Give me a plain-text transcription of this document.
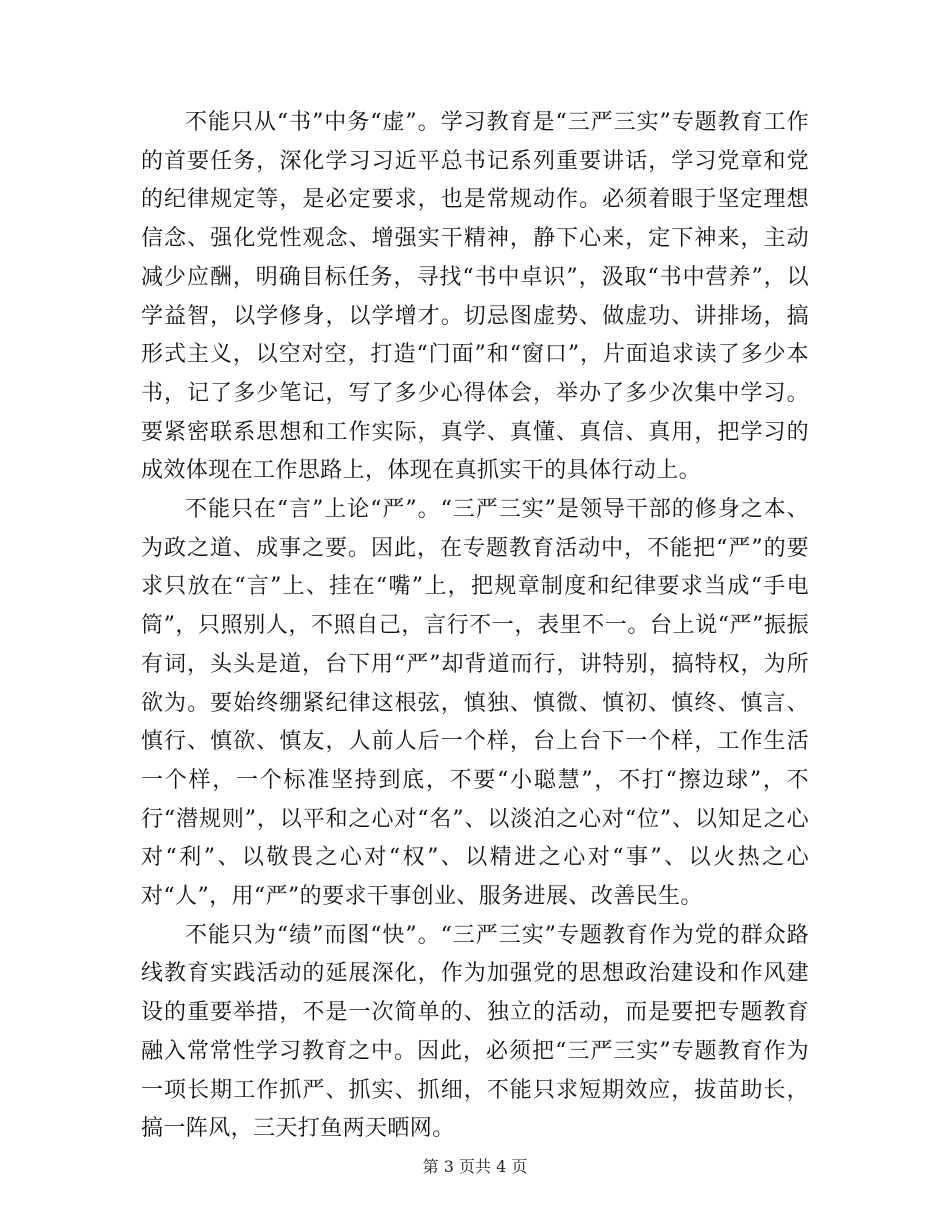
不能只从“书”中务“虚”。学习教育是“三严三实”专题教育工作的首要任务，深化学习习近平总书记系列重要讲话，学习党章和党的纪律规定等，是必定要求，也是常规动作。必须着眼于坚定理想信念、强化党性观念、增强实干精神，静下心来，定下神来，主动减少应酬，明确目标任务，寻找“书中卓识”，汲取“书中营养”，以学益智，以学修身，以学增才。切忌图虚势、做虚功、讲排场，搞形式主义，以空对空，打造“门面”和“窗口”，片面追求读了多少本书，记了多少笔记，写了多少心得体会，举办了多少次集中学习。要紧密联系思想和工作实际，真学、真懂、真信、真用，把学习的成效体现在工作思路上，体现在真抓实干的具体行动上。

不能只在“言”上论“严”。“三严三实”是领导干部的修身之本、为政之道、成事之要。因此，在专题教育活动中，不能把“严”的要求只放在“言”上、挂在“嘴”上，把规章制度和纪律要求当成“手电筒”，只照别人，不照自己，言行不一，表里不一。台上说“严”振振有词，头头是道，台下用“严”却背道而行，讲特别，搞特权，为所欲为。要始终绷紧纪律这根弦，慎独、慎微、慎初、慎终、慎言、慎行、慎欲、慎友，人前人后一个样，台上台下一个样，工作生活一个样，一个标准坚持到底，不要“小聪慧”，不打“擦边球”，不行“潜规则”，以平和之心对“名”、以淡泊之心对“位”、以知足之心对“利”、以敬畏之心对“权”、以精进之心对“事”、以火热之心对“人”，用“严”的要求干事创业、服务进展、改善民生。

不能只为“绩”而图“快”。“三严三实”专题教育作为党的群众路线教育实践活动的延展深化，作为加强党的思想政治建设和作风建设的重要举措，不是一次简单的、独立的活动，而是要把专题教育融入常常性学习教育之中。因此，必须把“三严三实”专题教育作为一项长期工作抓严、抓实、抓细，不能只求短期效应，拔苗助长，搞一阵风，三天打鱼两天晒网。

第 3 页共 4 页
